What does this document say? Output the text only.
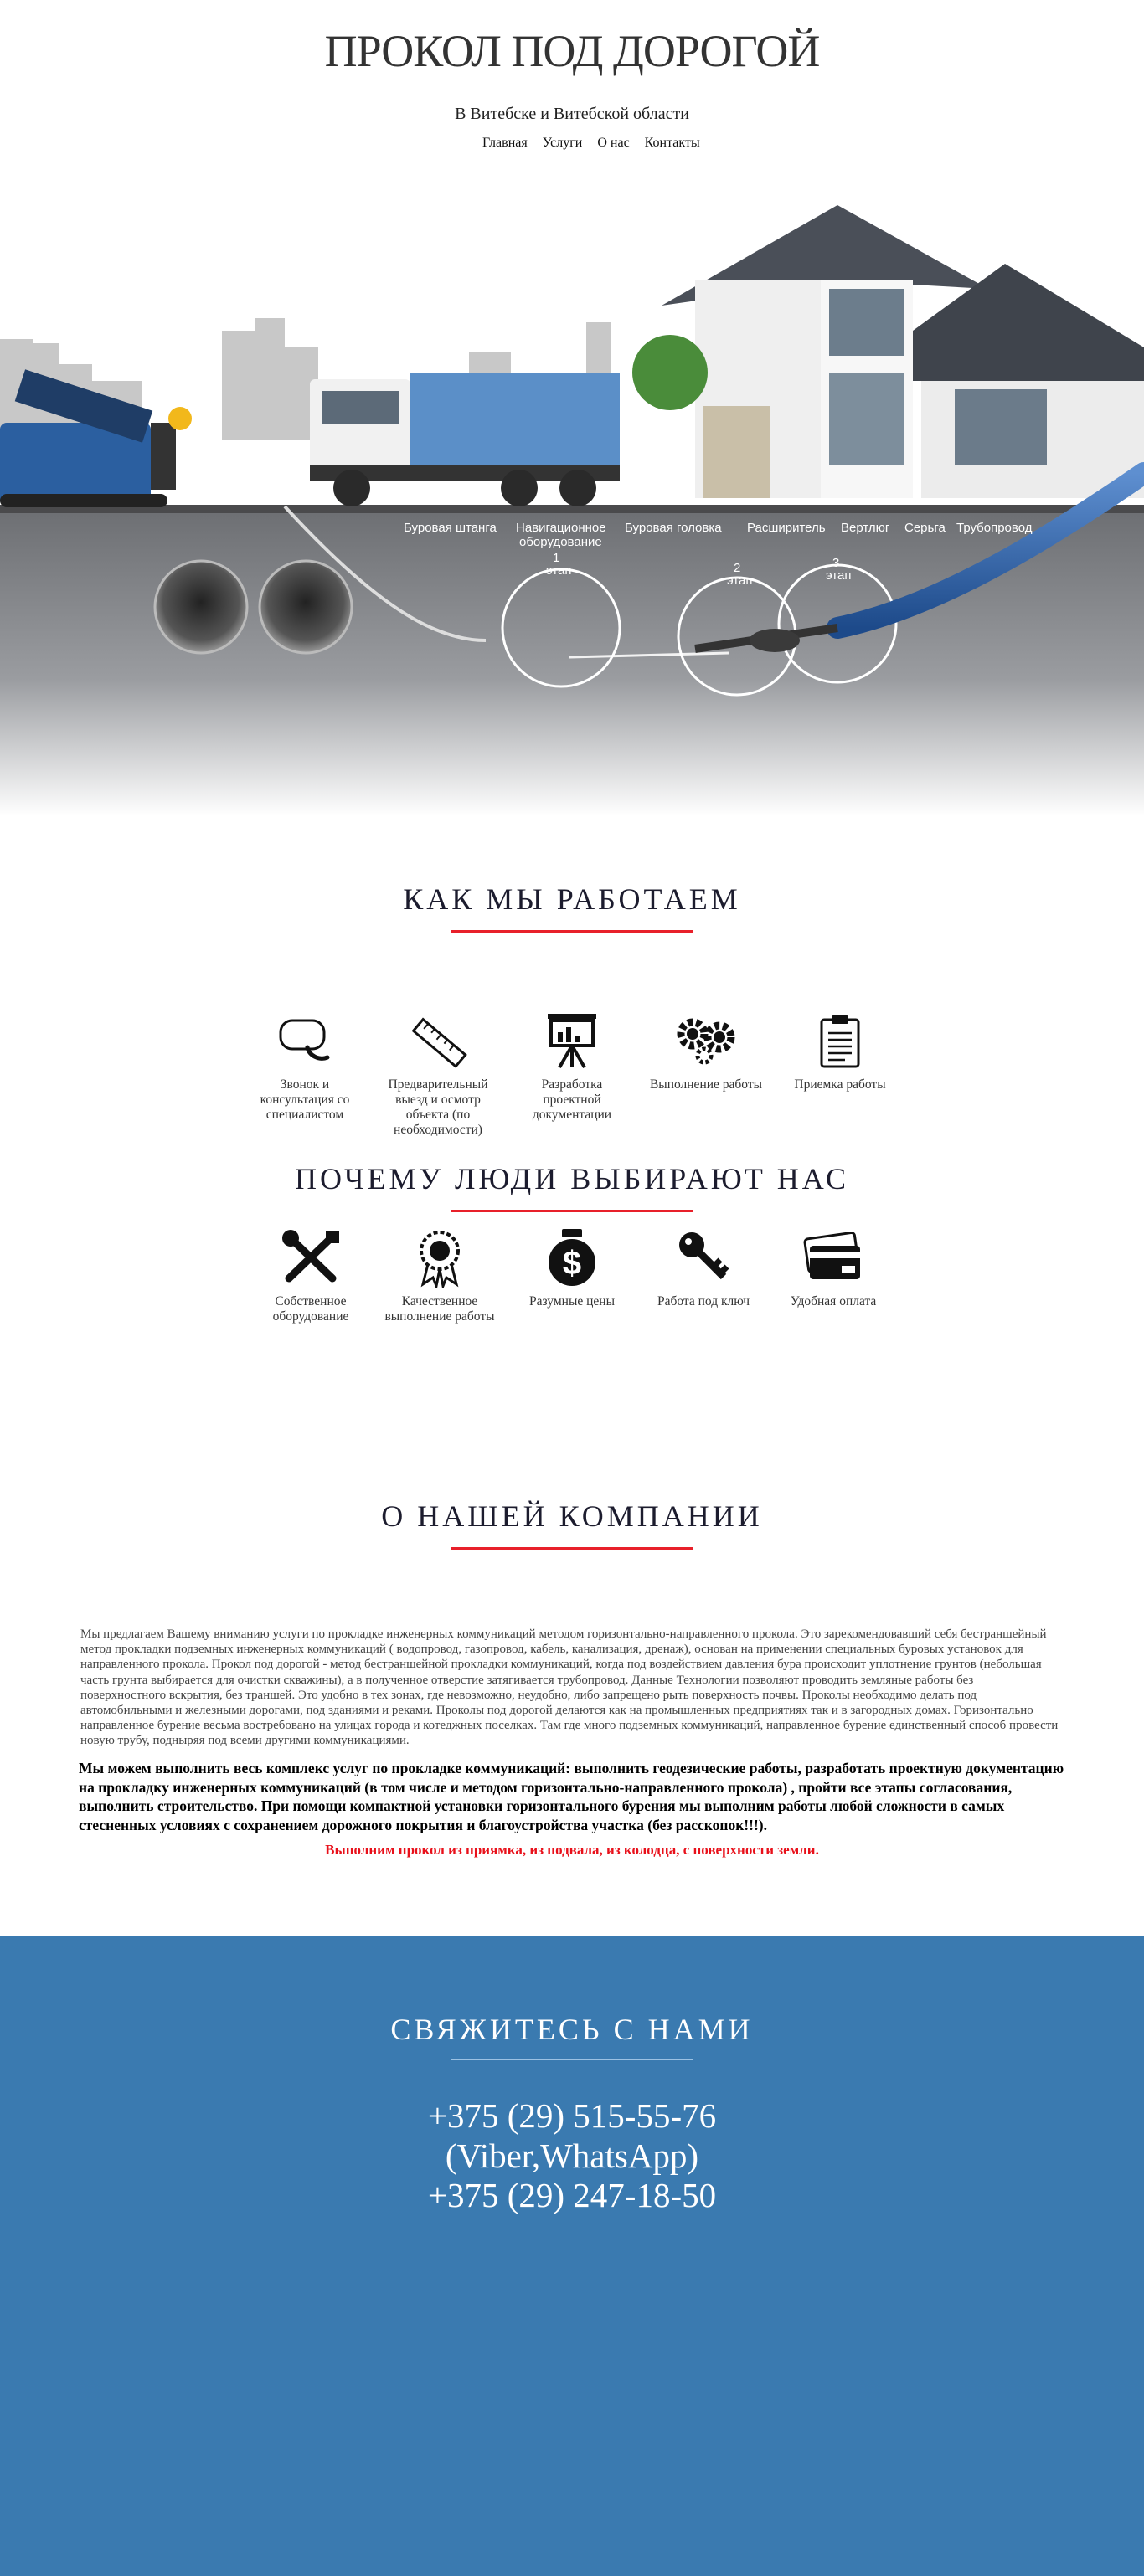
ПРОКОЛ ПОД ДОРОГОЙ
В Витебске и Витебской области
Главная Услуги О нас Контакты
Буровая штанга Навигационное
оборудование
Буровая головка Расширитель Вертлюг Серьга Трубопровод
1
этап	2
этап
3
этап
КАК МЫ РАБОТАЕМ
Звонок и консультация со специалистом
Предварительный выезд и осмотр объекта (по необходимости)
Разработка проектной документации
Выполнение работы	Приемка работы
ПОЧЕМУ ЛЮДИ ВЫБИРАЮТ НАС
Собственное оборудование
Качественное выполнение работы
$
Разумные цены	Работа под ключ	Удобная оплата
О НАШЕЙ КОМПАНИИ
Мы предлагаем Вашему вниманию услуги по прокладке инженерных коммуникаций методом горизонтально-направленного прокола. Это зарекомендовавший себя бестраншейный метод прокладки подземных инженерных коммуникаций ( водопровод, газопровод, кабель, канализация, дренаж), основан на применении специальных буровых установок для направленного прокола. Прокол под дорогой - метод бестраншейной прокладки коммуникаций, когда под воздействием давления бура происходит уплотнение грунтов (небольшая часть грунта выбирается для очистки скважины), а в полученное отверстие затягивается трубопровод. Данные Технологии позволяют проводить земляные работы без поверхностного вскрытия, без траншей. Это удобно в тех зонах, где невозможно, неудобно, либо запрещено рыть поверхность почвы. Проколы необходимо делать под автомобильными и железными дорогами, под зданиями и реками. Проколы под дорогой делаются как на промышленных предприятиях так и в загородных домах. Горизонтально направленное бурение весьма востребовано на улицах города и котеджных поселках. Там где много подземных коммуникаций, направленное бурение единственный способ провести новую трубу, подныряя под всеми другими коммуникациями.
Мы можем выполнить весь комплекс услуг по прокладке коммуникаций: выполнить геодезические работы, разработать проектную документацию на прокладку инженерных коммуникаций (в том числе и методом горизонтально-направленного прокола) , пройти все этапы согласования, выполнить строительство. При помощи компактной установки горизонтального бурения мы выполним работы любой сложности в самых стесненных условиях с сохранением дорожного покрытия и благоустройства участка (без расскопок!!!).
Выполним прокол из приямка, из подвала, из колодца, с поверхности земли.
СВЯЖИТЕСЬ С НАМИ
+375 (29) 515-55-76
(Viber,WhatsApp)
+375 (29) 247-18-50
